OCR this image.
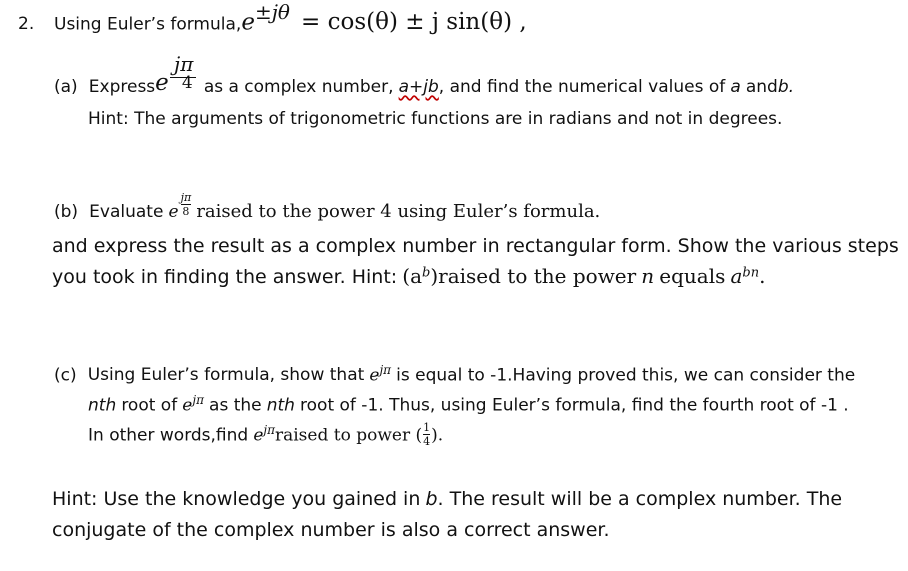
2. Using Euler’s $formula,e^{\pm j\theta} = \cos(\theta) \pm j$ sin(θ) ,
jπ
(a) Expresse 4 as a complex number, a+jb, and find the numerical values of a andb.
Hint: The arguments of trigonometric functions are in radians and not in degrees.
(b) Evaluate e $\frac{j\pi}{8}$ raised to the power 4 using Euler’s formula.
and express the result as a complex number in rectangular form. Show the various steps
you took in finding the answer. Hint: $(a^b)raised$ to the power n equals $a^{bn}$.
(c) Using Euler’s formula, show that $e^{j\pi}$ is equal to -1.Having proved this, we can consider the
nth root of $e^{j\pi}$ as the nth root of -1. Thus, using Euler’s formula, find the fourth root of -1 .
In other words,find $e^{j\pi}raised$ to power ( $\frac{1}{4}$ ).
Hint: Use the knowledge you gained in b. The result will be a complex number. The
conjugate of the complex number is also a correct answer.
